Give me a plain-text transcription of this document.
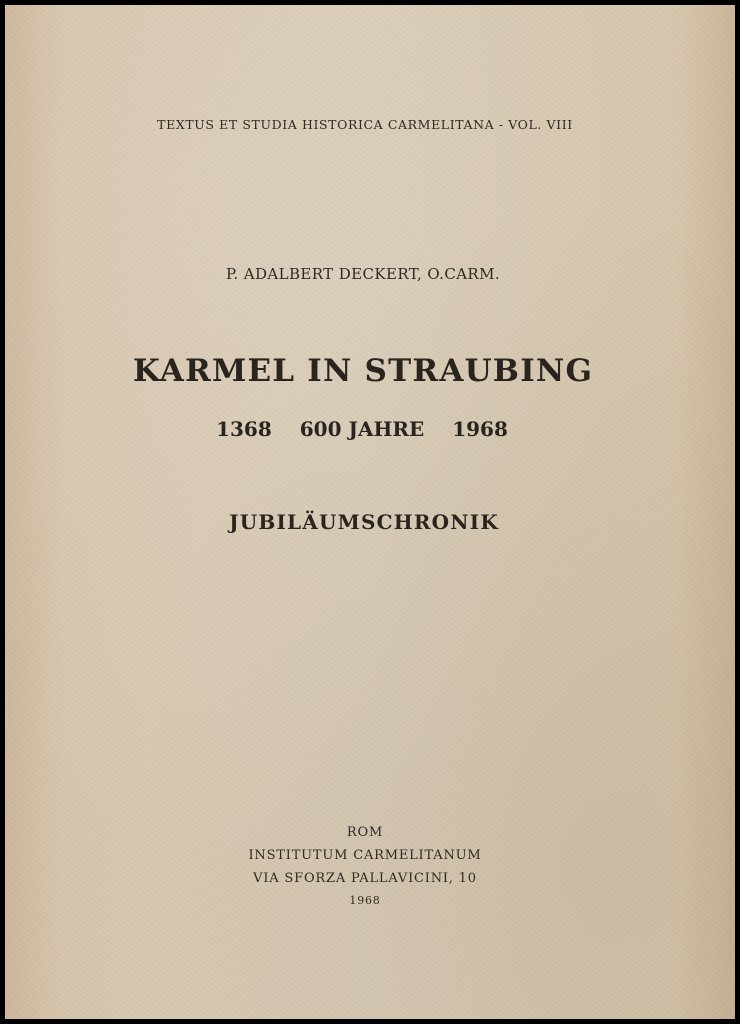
TEXTUS ET STUDIA HISTORICA CARMELITANA - VOL. VIII
P. ADALBERT DECKERT, O.CARM.
KARMEL IN STRAUBING
1368 600 JAHRE 1968
JUBILÄUMSCHRONIK
ROM
INSTITUTUM CARMELITANUM
VIA SFORZA PALLAVICINI, 10
1968
